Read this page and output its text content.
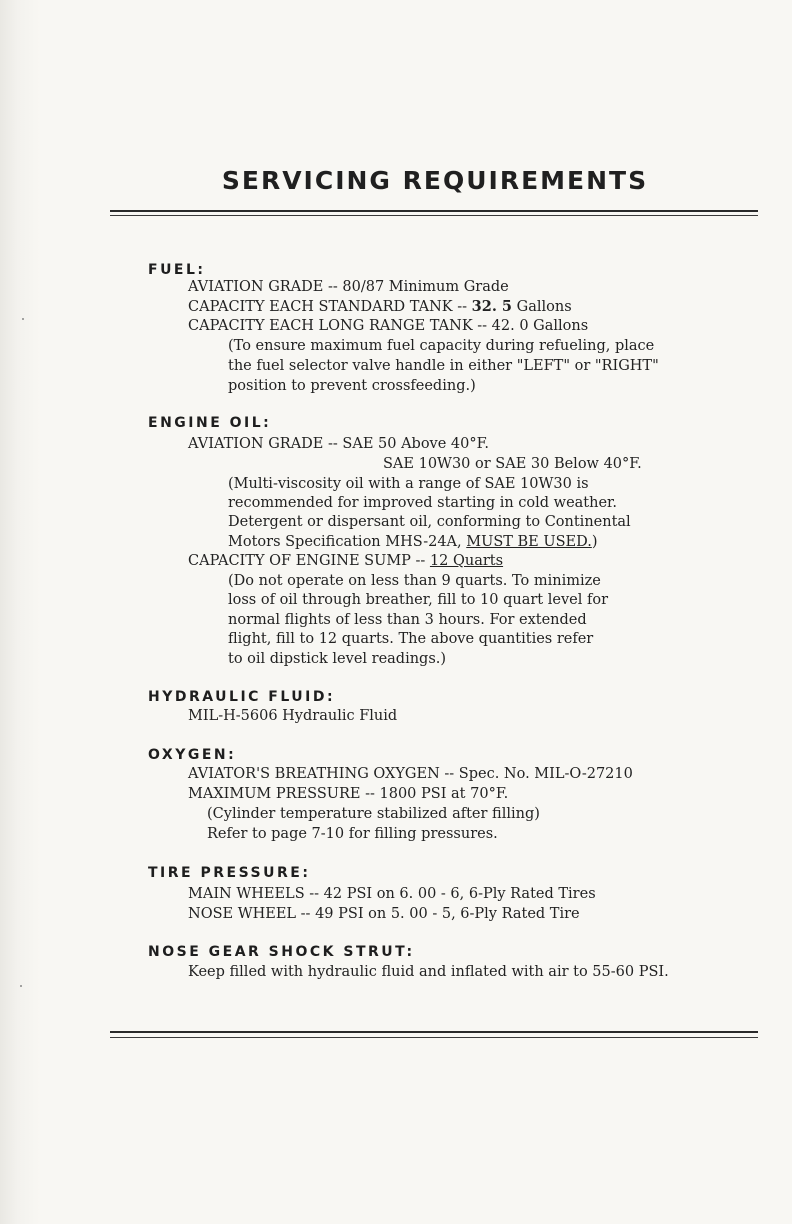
SERVICING REQUIREMENTS
FUEL:
AVIATION GRADE -- 80/87 Minimum Grade
CAPACITY EACH STANDARD TANK -- 32. 5 Gallons
CAPACITY EACH LONG RANGE TANK -- 42. 0 Gallons
(To ensure maximum fuel capacity during refueling, place
the fuel selector valve handle in either "LEFT" or "RIGHT"
position to prevent crossfeeding.)
ENGINE OIL:
AVIATION GRADE -- SAE 50 Above 40°F.
SAE 10W30 or SAE 30 Below 40°F.
(Multi-viscosity oil with a range of SAE 10W30 is
recommended for improved starting in cold weather.
Detergent or dispersant oil, conforming to Continental
Motors Specification MHS-24A, MUST BE USED.)
CAPACITY OF ENGINE SUMP -- 12 Quarts
(Do not operate on less than 9 quarts. To minimize
loss of oil through breather, fill to 10 quart level for
normal flights of less than 3 hours. For extended
flight, fill to 12 quarts. The above quantities refer
to oil dipstick level readings.)
HYDRAULIC FLUID:
MIL-H-5606 Hydraulic Fluid
OXYGEN:
AVIATOR'S BREATHING OXYGEN -- Spec. No. MIL-O-27210
MAXIMUM PRESSURE -- 1800 PSI at 70°F.
(Cylinder temperature stabilized after filling)
Refer to page 7-10 for filling pressures.
TIRE PRESSURE:
MAIN WHEELS -- 42 PSI on 6. 00 - 6, 6-Ply Rated Tires
NOSE WHEEL -- 49 PSI on 5. 00 - 5, 6-Ply Rated Tire
NOSE GEAR SHOCK STRUT:
Keep filled with hydraulic fluid and inflated with air to 55-60 PSI.
